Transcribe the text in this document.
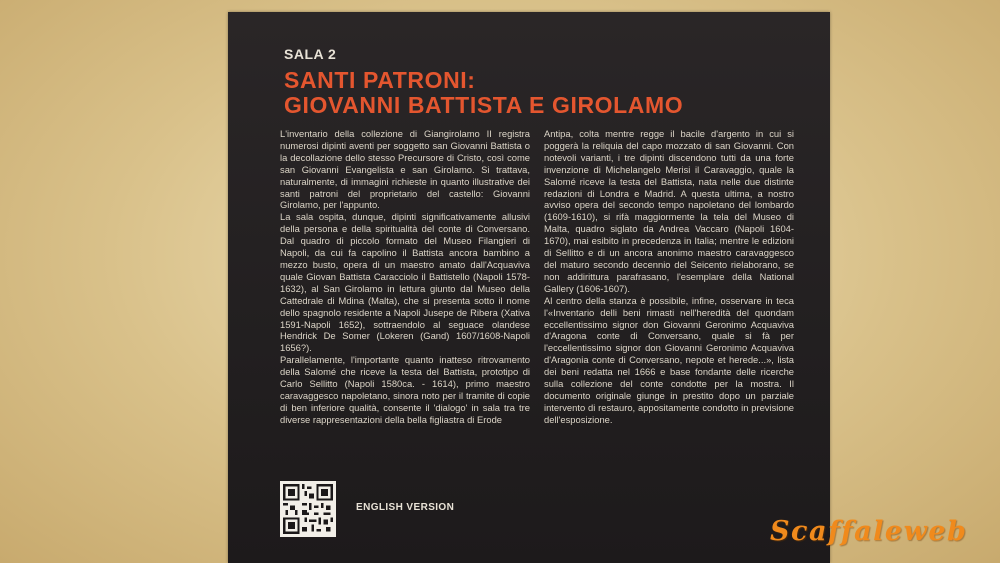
SALA 2
SANTI PATRONI:
GIOVANNI BATTISTA E GIROLAMO

L'inventario della collezione di Giangirolamo II registra numerosi dipinti aventi per soggetto san Giovanni Battista o la decollazione dello stesso Precursore di Cristo, così come san Giovanni Evangelista e san Girolamo. Si trattava, naturalmente, di immagini richieste in quanto illustrative dei santi patroni del proprietario del castello: Giovanni Girolamo, per l'appunto.

La sala ospita, dunque, dipinti significativamente allusivi della persona e della spiritualità del conte di Conversano. Dal quadro di piccolo formato del Museo Filangieri di Napoli, da cui fa capolino il Battista ancora bambino a mezzo busto, opera di un maestro amato dall'Acquaviva quale Giovan Battista Caracciolo il Battistello (Napoli 1578-1632), al San Girolamo in lettura giunto dal Museo della Cattedrale di Mdina (Malta), che si presenta sotto il nome dello spagnolo residente a Napoli Jusepe de Ribera (Xativa 1591-Napoli 1652), sottraendolo al seguace olandese Hendrick De Somer (Lokeren (Gand) 1607/1608-Napoli 1656?).

Parallelamente, l'importante quanto inatteso ritrovamento della Salomé che riceve la testa del Battista, prototipo di Carlo Sellitto (Napoli 1580ca. - 1614), primo maestro caravaggesco napoletano, sinora noto per il tramite di copie di ben inferiore qualità, consente il 'dialogo' in sala tra tre diverse rappresentazioni della bella figliastra di Erode

Antipa, colta mentre regge il bacile d'argento in cui si poggerà la reliquia del capo mozzato di san Giovanni. Con notevoli varianti, i tre dipinti discendono tutti da una forte invenzione di Michelangelo Merisi il Caravaggio, quale la Salomé riceve la testa del Battista, nata nelle due distinte redazioni di Londra e Madrid. A questa ultima, a nostro avviso opera del secondo tempo napoletano del lombardo (1609-1610), si rifà maggiormente la tela del Museo di Malta, quadro siglato da Andrea Vaccaro (Napoli 1604-1670), mai esibito in precedenza in Italia; mentre le edizioni di Sellitto e di un ancora anonimo maestro caravaggesco del maturo secondo decennio del Seicento rielaborano, se non addirittura parafrasano, l'esemplare della National Gallery (1606-1607).

Al centro della stanza è possibile, infine, osservare in teca l'«Inventario delli beni rimasti nell'heredità del quondam eccellentissimo signor don Giovanni Geronimo Acquaviva d'Aragona conte di Conversano, quale si fà per l'eccellentissimo signor don Giovanni Geronimo Acquaviva d'Aragonia conte di Conversano, nepote et herede...», lista dei beni redatta nel 1666 e base fondante delle ricerche sulla collezione del conte condotte per la mostra. Il documento originale giunge in prestito dopo un parziale intervento di restauro, appositamente condotto in previsione dell'esposizione.

ENGLISH VERSION
Scaffaleweb
